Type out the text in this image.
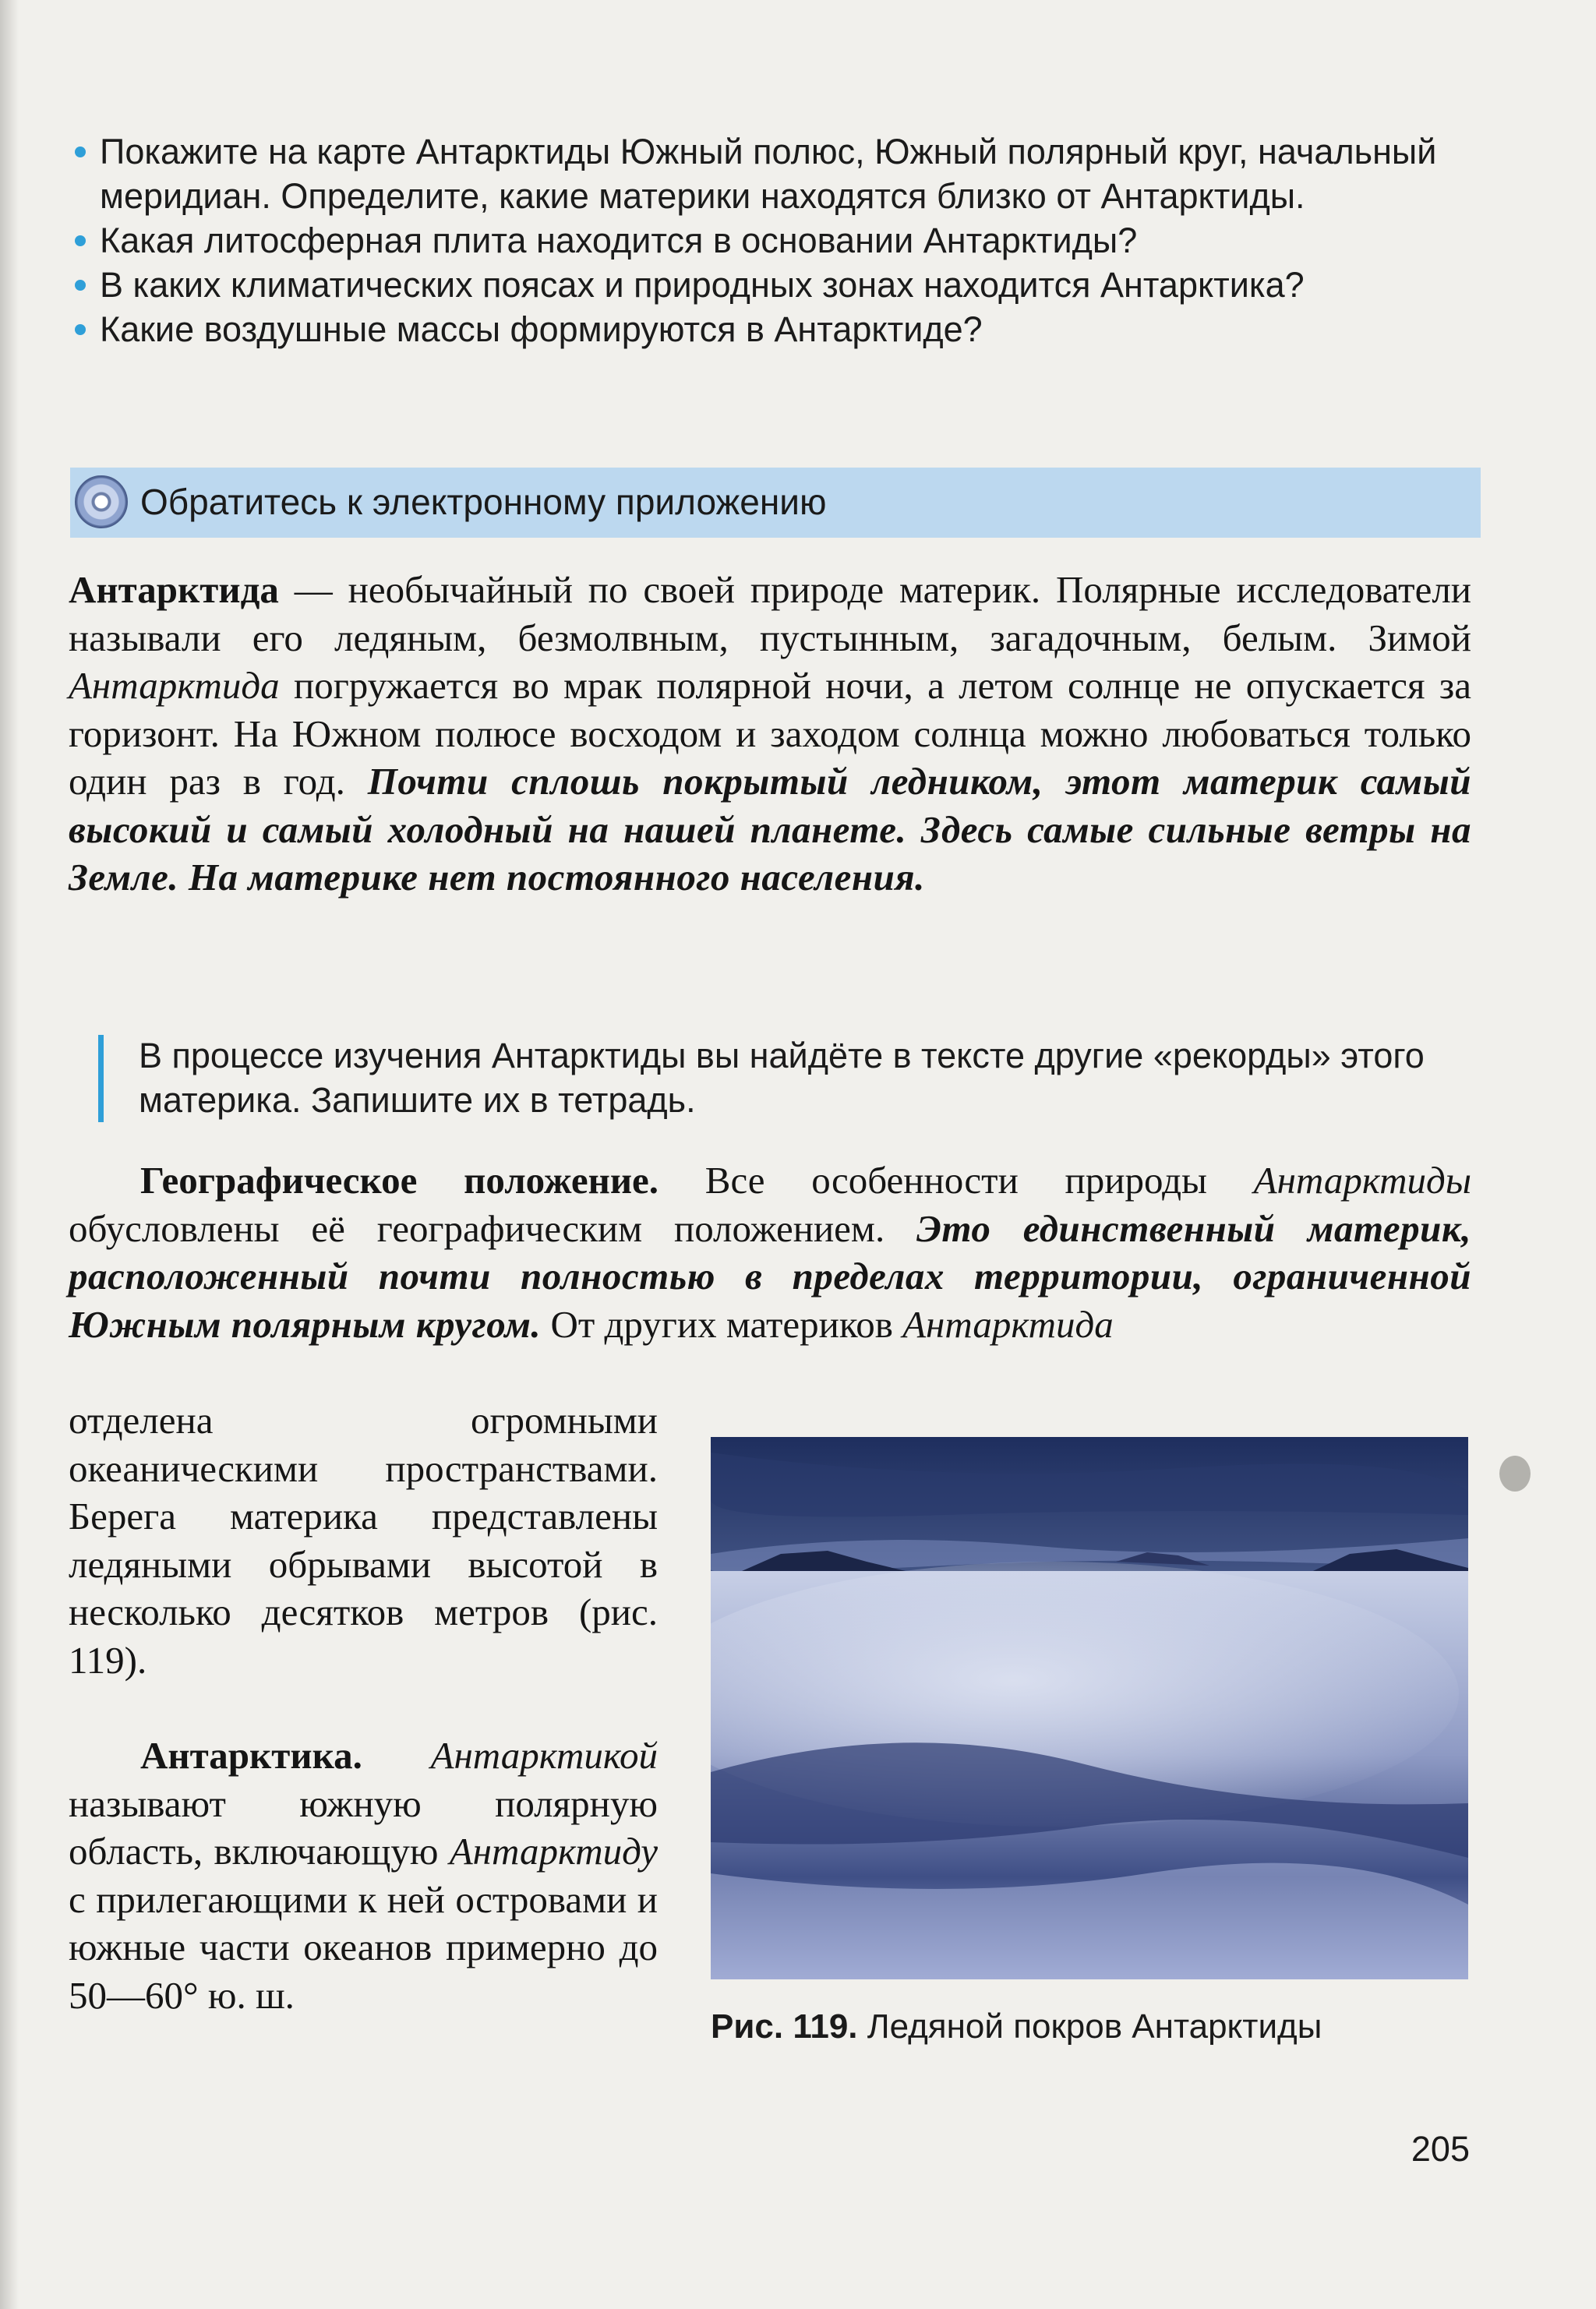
Покажите на карте Антарктиды Южный полюс, Южный полярный круг, начальный меридиан. Определите, какие материки находятся близко от Антарктиды.
Какая литосферная плита находится в основании Антарктиды?
В каких климатических поясах и природных зонах находится Антарктика?
Какие воздушные массы формируются в Антарктиде?
Обратитесь к электронному приложению

Антарктида — необычайный по своей природе материк. Полярные исследователи называли его ледяным, безмолвным, пустынным, загадочным, белым. Зимой Антарктида погружается во мрак полярной ночи, а летом солнце не опускается за горизонт. На Южном полюсе восходом и заходом солнца можно любоваться только один раз в год. Почти сплошь покрытый ледником, этот материк самый высокий и самый холодный на нашей планете. Здесь самые сильные ветры на Земле. На материке нет постоянного населения.

В процессе изучения Антарктиды вы найдёте в тексте другие «рекорды» этого материка. Запишите их в тетрадь.

Географическое положение. Все особенности природы Антарктиды обусловлены её географическим положением. Это единственный материк, расположенный почти полностью в пределах территории, ограниченной Южным полярным кругом. От других материков Антарктида

отделена огромными океаническими пространствами. Берега материка представлены ледяными обрывами высотой в несколько десятков метров (рис. 119).

Антарктика. Антарктикой называют южную полярную область, включающую Антарктиду с прилегающими к ней островами и южные части океанов примерно до 50—60° ю. ш.

Рис. 119. Ледяной покров Антарктиды

205
